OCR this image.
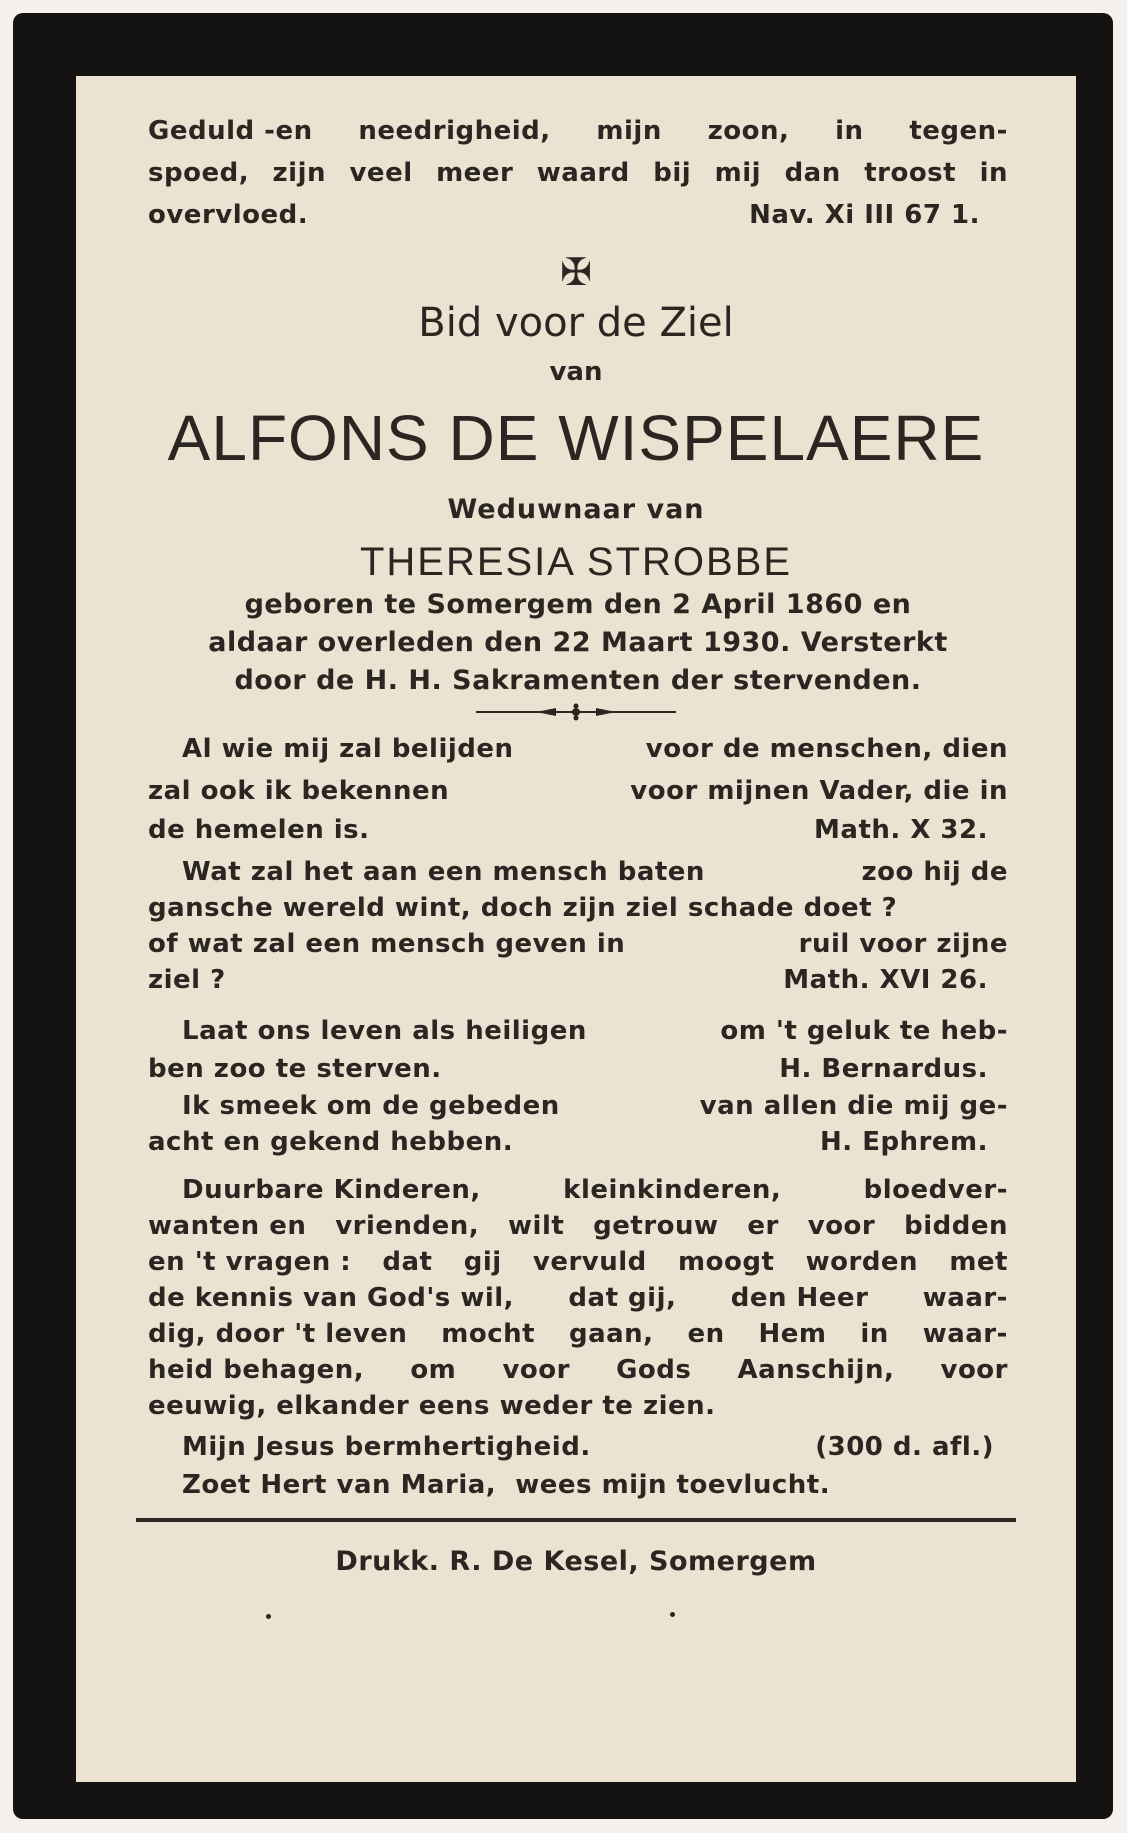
Geduld -en needrigheid, mijn zoon, in tegen-
spoed, zijn veel meer waard bij mij dan troost in
overvloed.	Nav. Xi III 67 1.
✠
Bid voor de Ziel
van
ALFONS DE WISPELAERE
Weduwnaar van
THERESIA STROBBE
geboren te Somergem den 2 April 1860 en
aldaar overleden den 22 Maart 1930. Versterkt
door de H. H. Sakramenten der stervenden.
Al wie mij zal belijden	voor de menschen, dien
zal ook ik bekennen	voor mijnen Vader, die in
de hemelen is.	Math. X 32.
Wat zal het aan een mensch baten	zoo hij de
gansche wereld wint, doch zijn ziel schade doet ?
of wat zal een mensch geven in	ruil voor zijne
ziel ?	Math. XVI 26.
Laat ons leven als heiligen	om 't geluk te heb-
ben zoo te sterven.	H. Bernardus.
Ik smeek om de gebeden	van allen die mij ge-
acht en gekend hebben.	H. Ephrem.
Duurbare Kinderen,	kleinkinderen,	bloedver-
wanten en vrienden, wilt getrouw er voor bidden
en 't vragen : dat gij vervuld moogt worden met
de kennis van God's wil, dat gij, den Heer waar-
dig, door 't leven mocht gaan, en Hem in waar-
heid behagen, om voor Gods Aanschijn, voor
eeuwig, elkander eens weder te zien.
Mijn Jesus bermhertigheid.	(300 d. afl.)
Zoet Hert van Maria,  wees mijn toevlucht.
Drukk. R. De Kesel, Somergem
